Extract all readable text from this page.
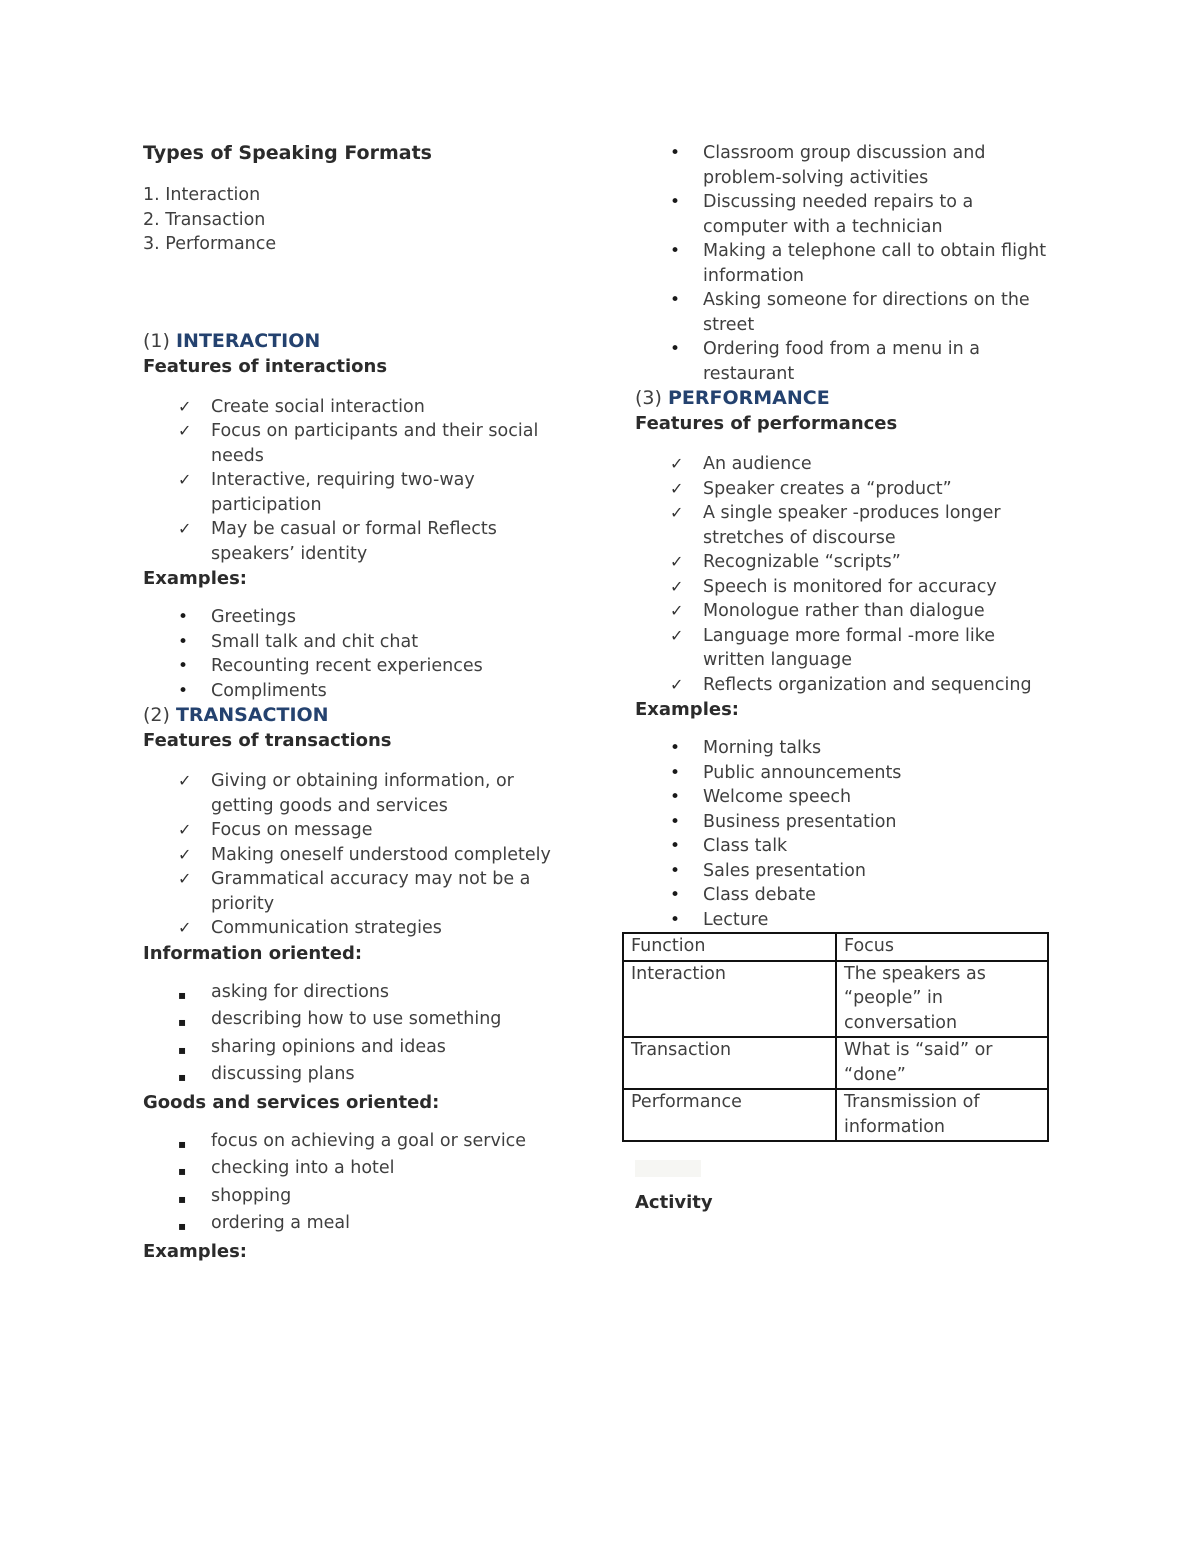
Types of Speaking Formats
1. Interaction
2. Transaction
3. Performance
(1) INTERACTION
Features of interactions
✓	Create social interaction
✓	Focus on participants and their social needs
✓	Interactive, requiring two-way participation
✓	May be casual or formal Reflects speakers’ identity
Examples:
•	Greetings
•	Small talk and chit chat
•	Recounting recent experiences
•	Compliments
(2) TRANSACTION
Features of transactions
✓	Giving or obtaining information, or getting goods and services
✓	Focus on message
✓	Making oneself understood completely
✓	Grammatical accuracy may not be a priority
✓	Communication strategies
Information oriented:
▪	asking for directions
▪	describing how to use something
▪	sharing opinions and ideas
▪	discussing plans
Goods and services oriented:
▪	focus on achieving a goal or service
▪	checking into a hotel
▪	shopping
▪	ordering a meal
Examples:
•	Classroom group discussion and problem-solving activities
•	Discussing needed repairs to a computer with a technician
•	Making a telephone call to obtain flight information
•	Asking someone for directions on the street
•	Ordering food from a menu in a restaurant
(3) PERFORMANCE
Features of performances
✓	An audience
✓	Speaker creates a “product”
✓	A single speaker -produces longer stretches of discourse
✓	Recognizable “scripts”
✓	Speech is monitored for accuracy
✓	Monologue rather than dialogue
✓	Language more formal -more like written language
✓	Reflects organization and sequencing
Examples:
•	Morning talks
•	Public announcements
•	Welcome speech
•	Business presentation
•	Class talk
•	Sales presentation
•	Class debate
•	Lecture
Function	Focus
Interaction	The speakers as “people” in conversation
Transaction	What is “said” or “done”
Performance	Transmission of information
Activity
